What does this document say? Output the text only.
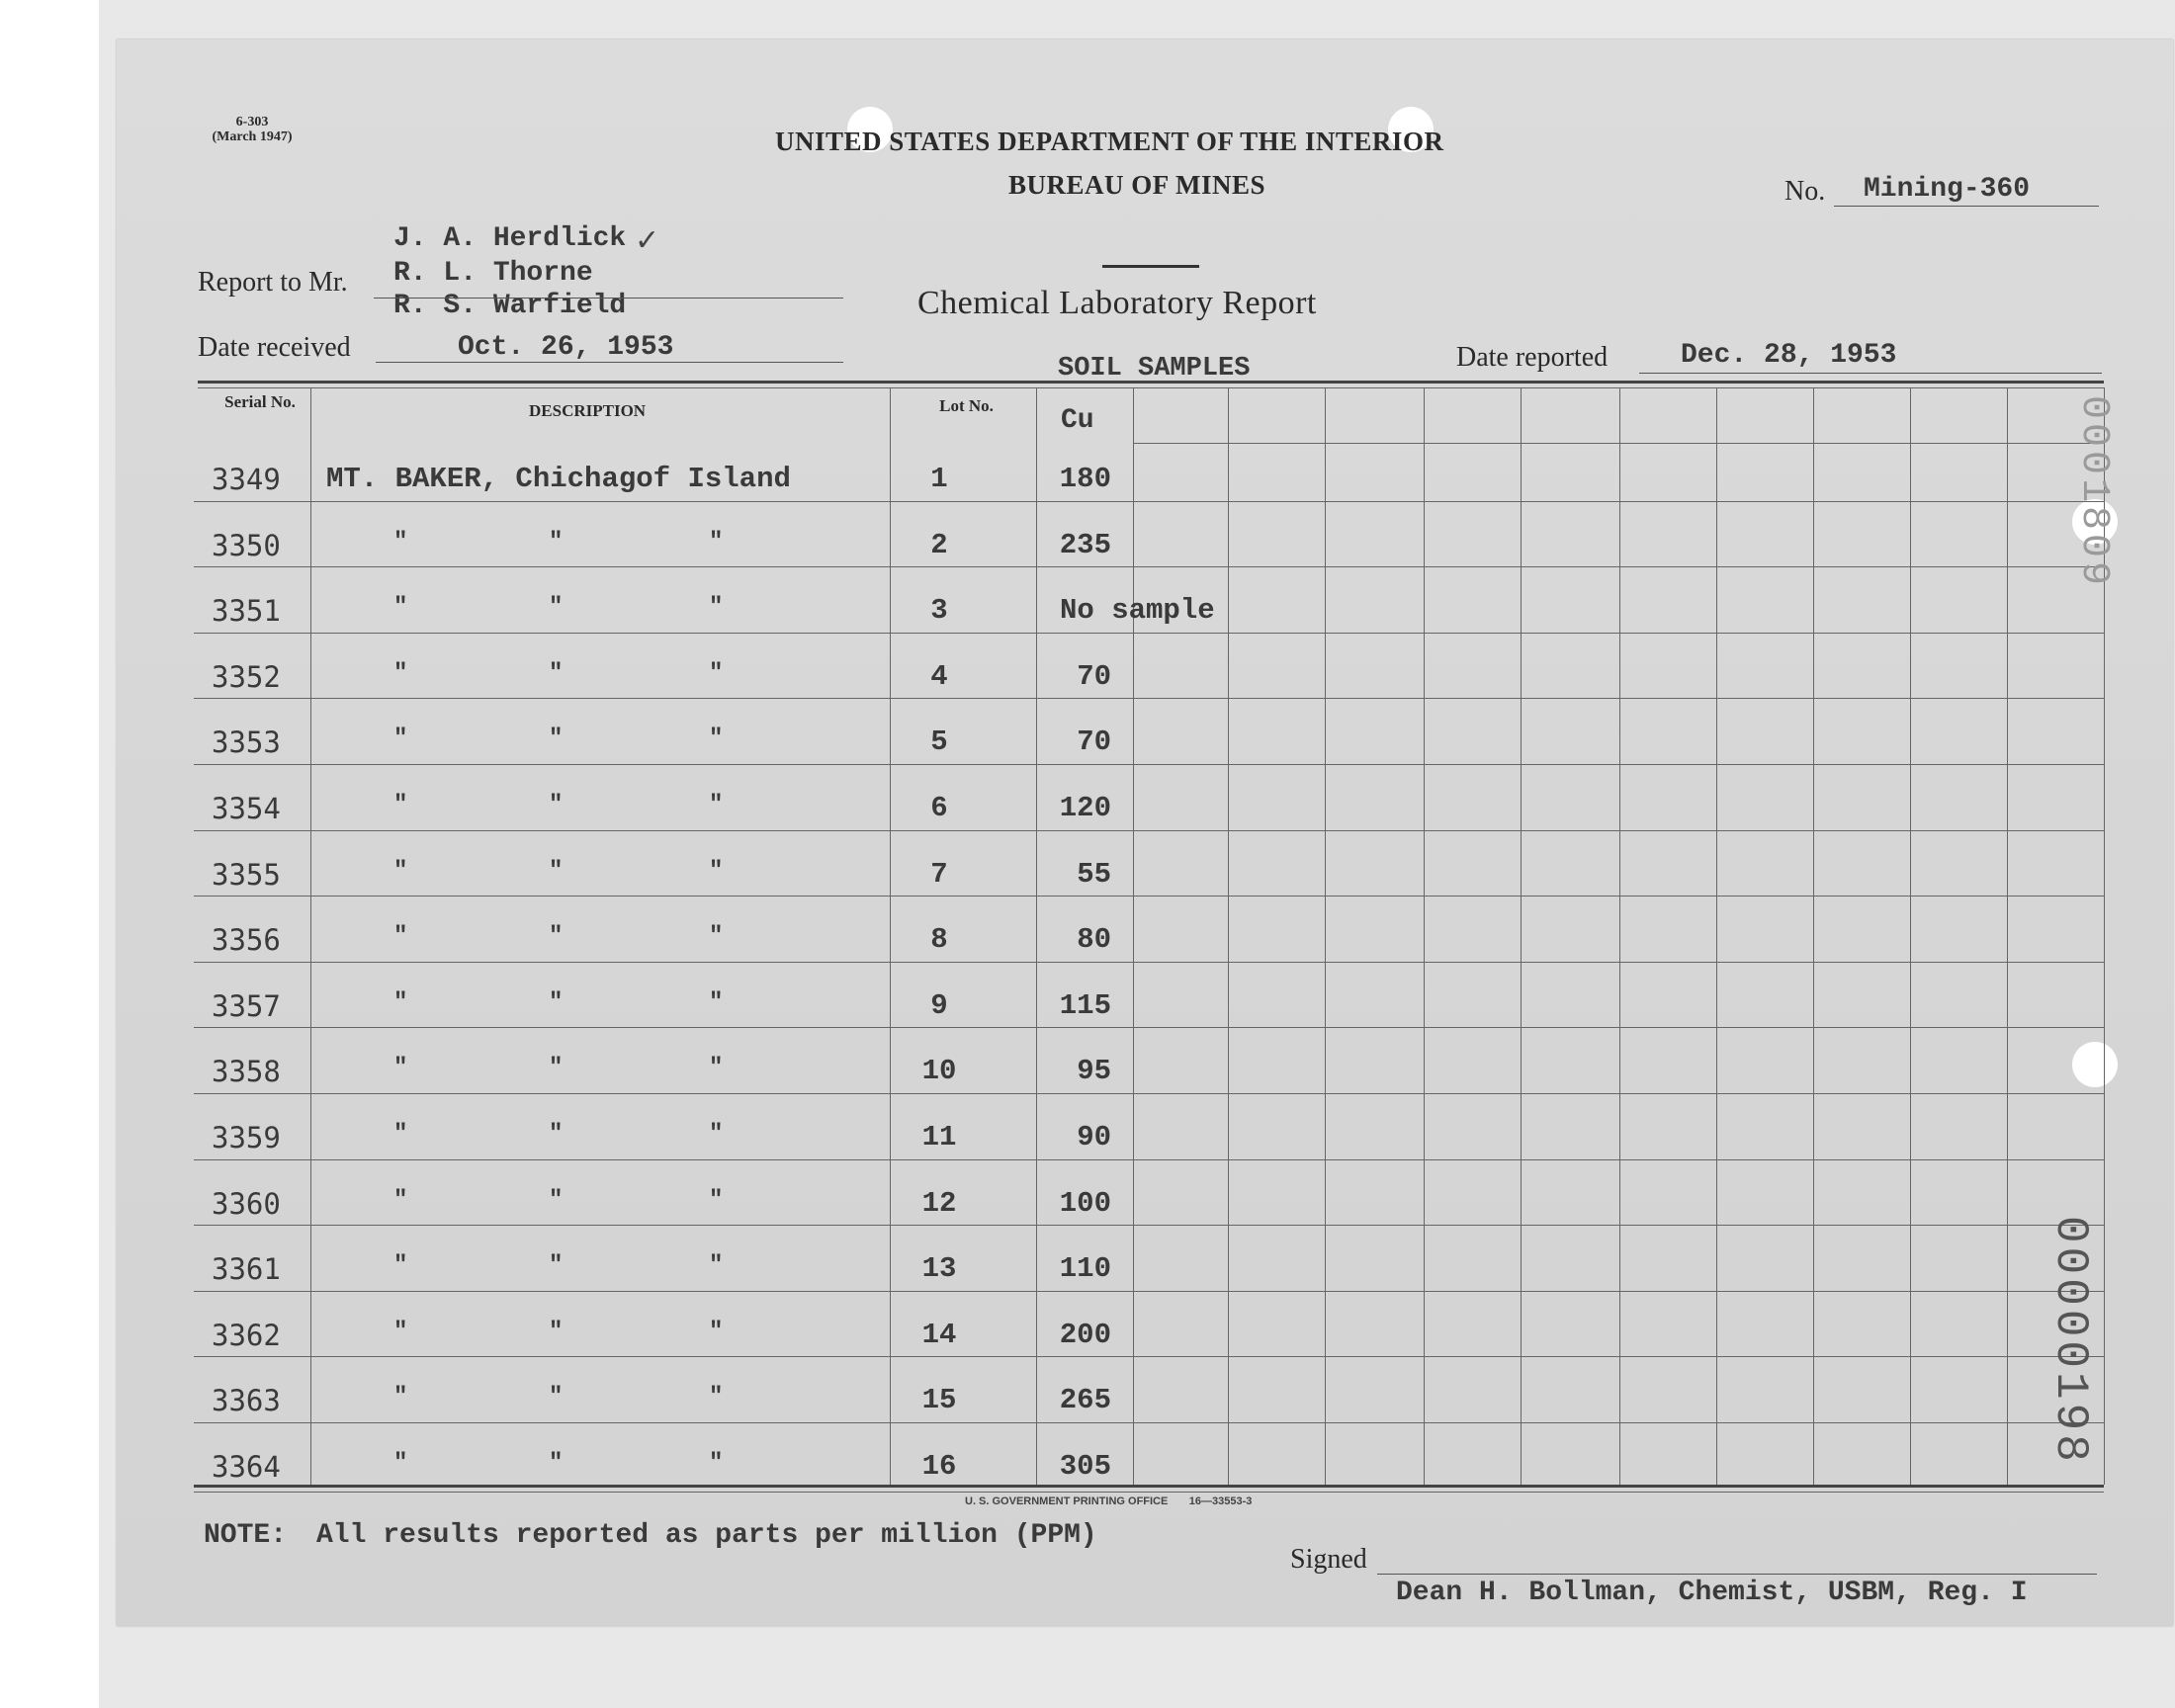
6-303
(March 1947)	UNITED STATES DEPARTMENT OF THE INTERIOR
BUREAU OF MINES	No. Mining-360
Chemical Laboratory Report
Report to Mr.
J. A. Herdlick ✓
R. L. Thorne
R. S. Warfield
Date received	Oct. 26, 1953	Date reported	Dec. 28, 1953
SOIL SAMPLES
Serial No.	DESCRIPTION	Lot No. Cu
3349 MT. BAKER, Chichagof Island	1	180
3350	"	"	"	2	235
3351	"	"	"	3	No sample
3352	"	"	"	4	70
3353	"	"	"	5	70
3354	"	"	"	6	120
3355	"	"	"	7	55
3356	"	"	"	8	80
3357	"	"	"	9	115
3358	"	"	"	10	95
3359	"	"	"	11	90
3360	"	"	"	12	100
3361	"	"	"	13	110
3362	"	"	"	14	200
3363	"	"	"	15	265
3364	"	"	"	16	305
U. S. GOVERNMENT PRINTING OFFICE 16—33553-3
NOTE: All results reported as parts per million (PPM)
Signed
Dean H. Bollman, Chemist, USBM, Reg. I
0001809
00000198
